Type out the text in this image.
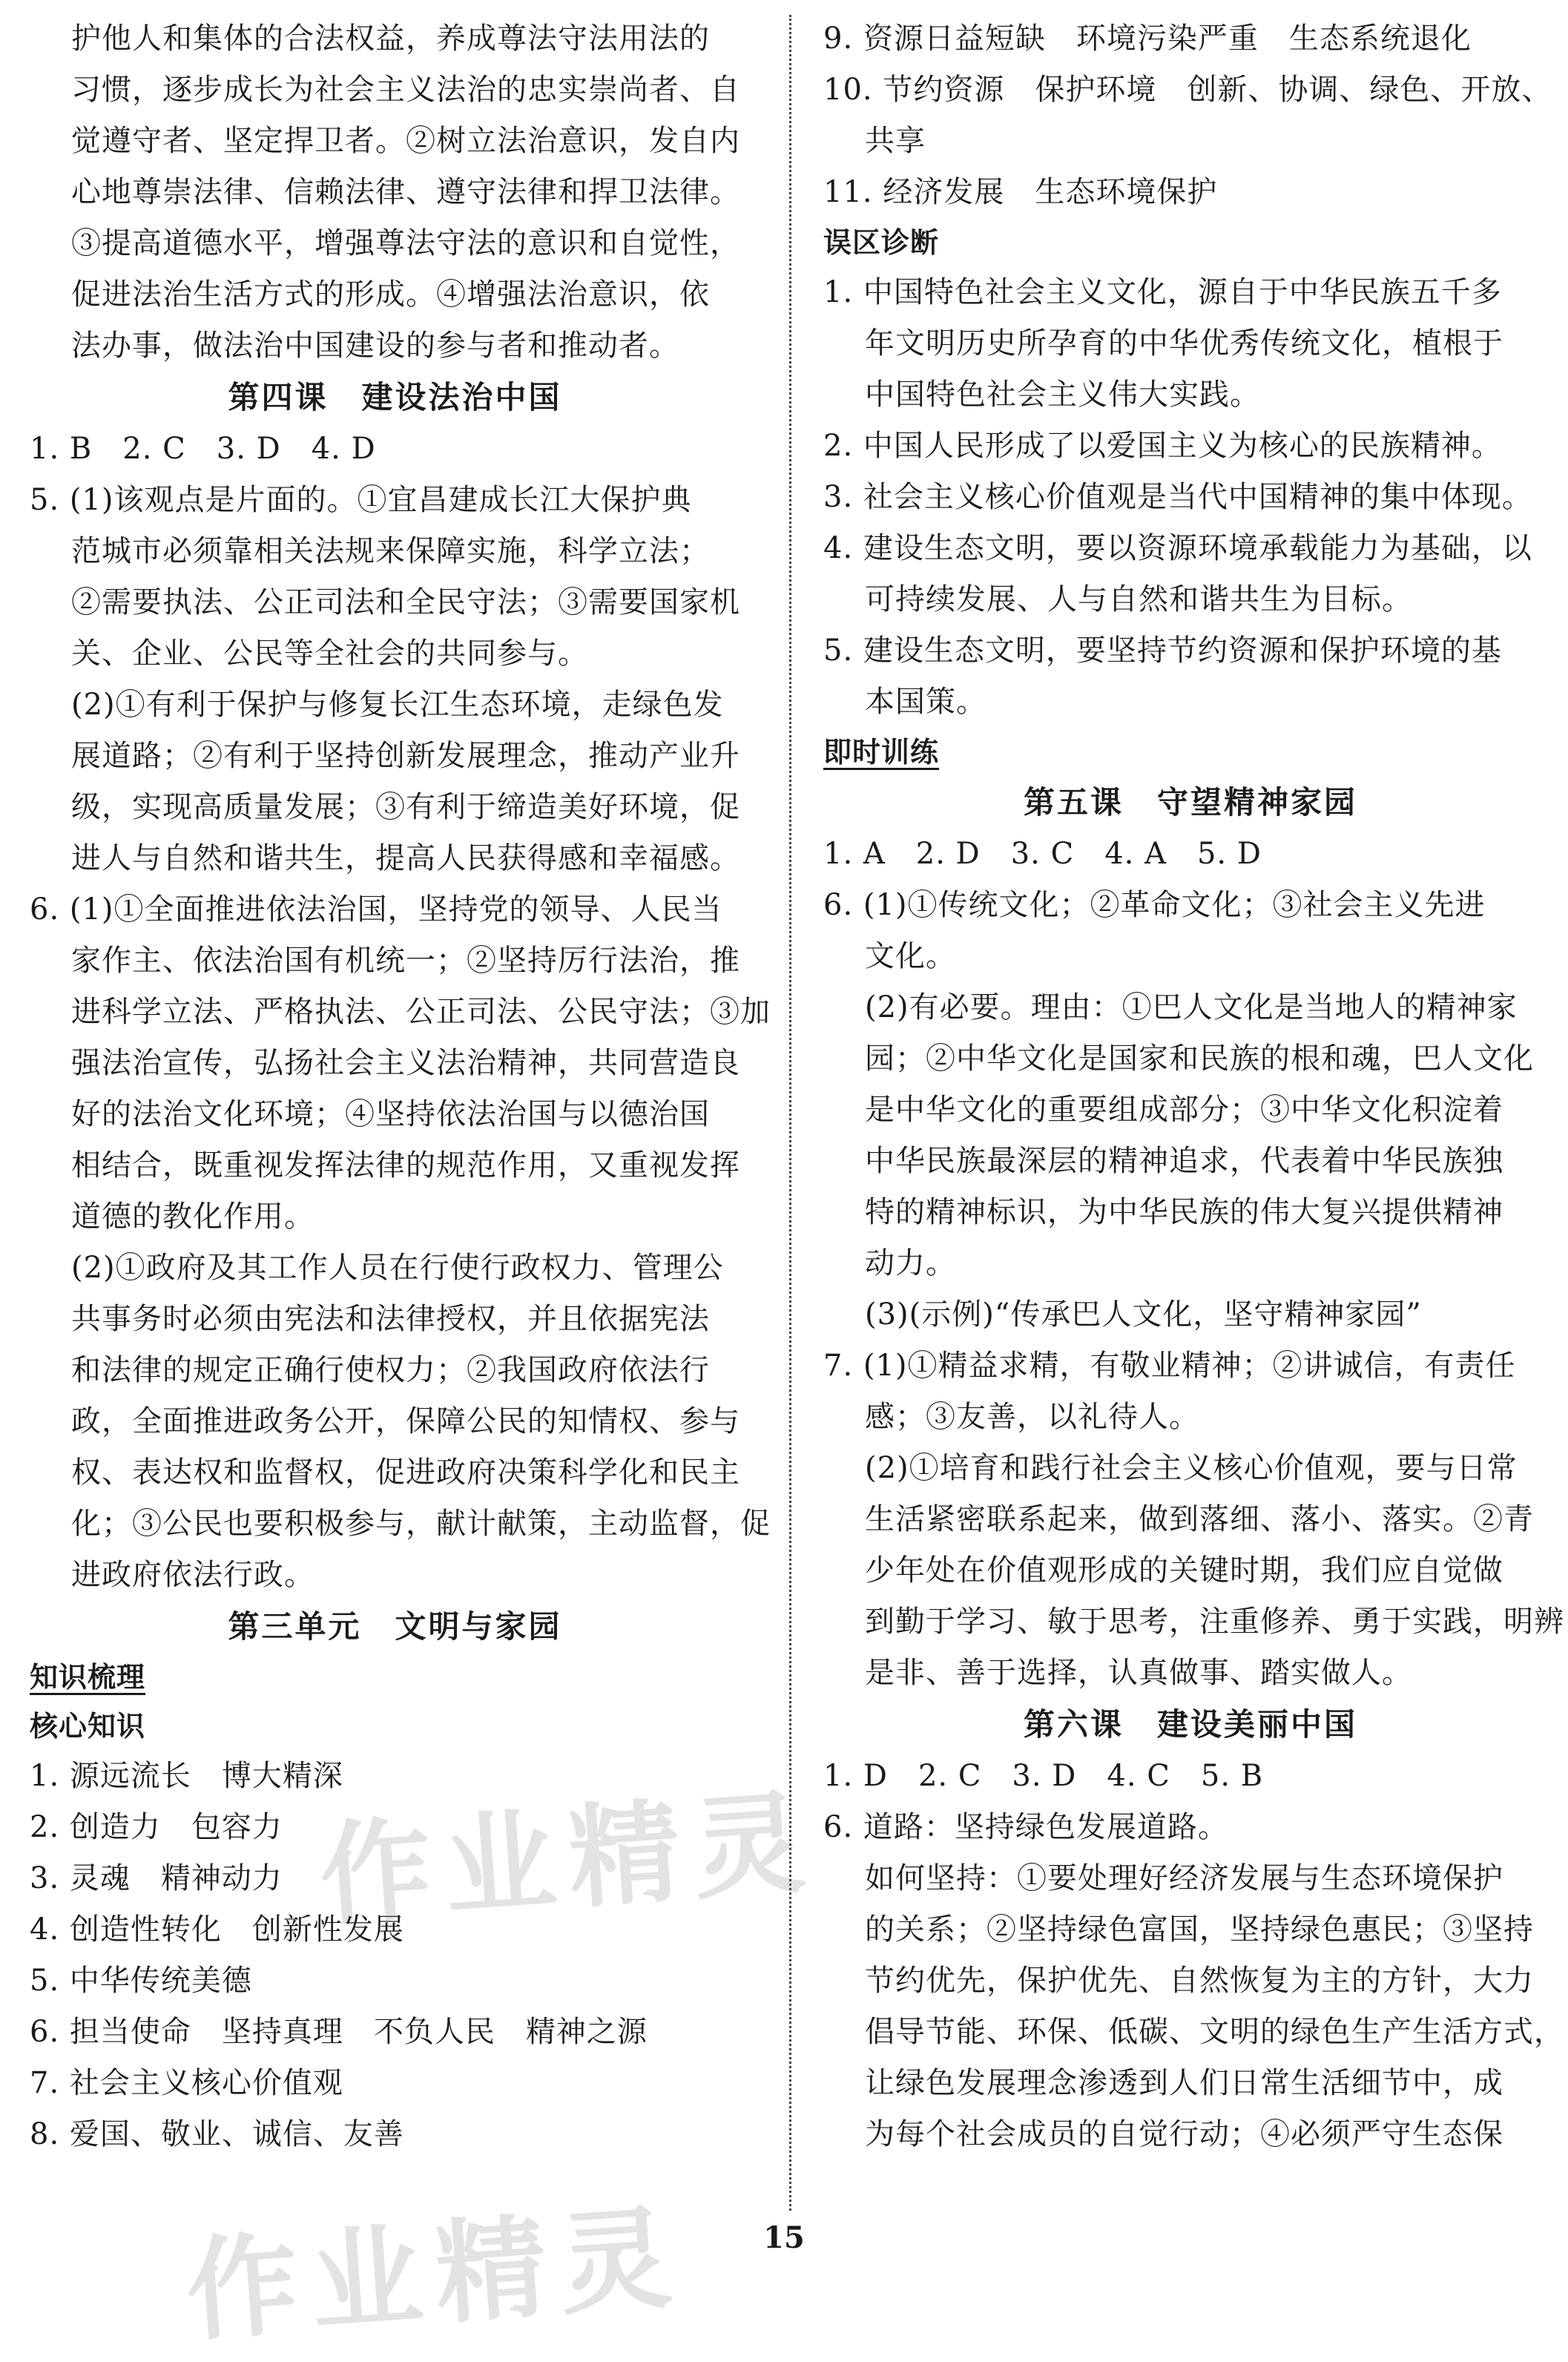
护他人和集体的合法权益，养成尊法守法用法的
习惯，逐步成长为社会主义法治的忠实崇尚者、自
觉遵守者、坚定捍卫者。②树立法治意识，发自内
心地尊崇法律、信赖法律、遵守法律和捍卫法律。
③提高道德水平，增强尊法守法的意识和自觉性，
促进法治生活方式的形成。④增强法治意识，依
法办事，做法治中国建设的参与者和推动者。
第四课　建设法治中国
1. B　2. C　3. D　4. D
5. (1)该观点是片面的。①宜昌建成长江大保护典
范城市必须靠相关法规来保障实施，科学立法；
②需要执法、公正司法和全民守法；③需要国家机
关、企业、公民等全社会的共同参与。
(2)①有利于保护与修复长江生态环境，走绿色发
展道路；②有利于坚持创新发展理念，推动产业升
级，实现高质量发展；③有利于缔造美好环境，促
进人与自然和谐共生，提高人民获得感和幸福感。
6. (1)①全面推进依法治国，坚持党的领导、人民当
家作主、依法治国有机统一；②坚持厉行法治，推
进科学立法、严格执法、公正司法、公民守法；③加
强法治宣传，弘扬社会主义法治精神，共同营造良
好的法治文化环境；④坚持依法治国与以德治国
相结合，既重视发挥法律的规范作用，又重视发挥
道德的教化作用。
(2)①政府及其工作人员在行使行政权力、管理公
共事务时必须由宪法和法律授权，并且依据宪法
和法律的规定正确行使权力；②我国政府依法行
政，全面推进政务公开，保障公民的知情权、参与
权、表达权和监督权，促进政府决策科学化和民主
化；③公民也要积极参与，献计献策，主动监督，促
进政府依法行政。
第三单元　文明与家园
知识梳理
核心知识
1. 源远流长　博大精深
2. 创造力　包容力
3. 灵魂　精神动力
4. 创造性转化　创新性发展
5. 中华传统美德
6. 担当使命　坚持真理　不负人民　精神之源
7. 社会主义核心价值观
8. 爱国、敬业、诚信、友善
9. 资源日益短缺　环境污染严重　生态系统退化
10. 节约资源　保护环境　创新、协调、绿色、开放、
共享
11. 经济发展　生态环境保护
误区诊断
1. 中国特色社会主义文化，源自于中华民族五千多
年文明历史所孕育的中华优秀传统文化，植根于
中国特色社会主义伟大实践。
2. 中国人民形成了以爱国主义为核心的民族精神。
3. 社会主义核心价值观是当代中国精神的集中体现。
4. 建设生态文明，要以资源环境承载能力为基础，以
可持续发展、人与自然和谐共生为目标。
5. 建设生态文明，要坚持节约资源和保护环境的基
本国策。
即时训练
第五课　守望精神家园
1. A　2. D　3. C　4. A　5. D
6. (1)①传统文化；②革命文化；③社会主义先进
文化。
(2)有必要。理由：①巴人文化是当地人的精神家
园；②中华文化是国家和民族的根和魂，巴人文化
是中华文化的重要组成部分；③中华文化积淀着
中华民族最深层的精神追求，代表着中华民族独
特的精神标识，为中华民族的伟大复兴提供精神
动力。
(3)(示例)“传承巴人文化，坚守精神家园”
7. (1)①精益求精，有敬业精神；②讲诚信，有责任
感；③友善，以礼待人。
(2)①培育和践行社会主义核心价值观，要与日常
生活紧密联系起来，做到落细、落小、落实。②青
少年处在价值观形成的关键时期，我们应自觉做
到勤于学习、敏于思考，注重修养、勇于实践，明辨
是非、善于选择，认真做事、踏实做人。
第六课　建设美丽中国
1. D　2. C　3. D　4. C　5. B
6. 道路：坚持绿色发展道路。
如何坚持：①要处理好经济发展与生态环境保护
的关系；②坚持绿色富国，坚持绿色惠民；③坚持
节约优先，保护优先、自然恢复为主的方针，大力
倡导节能、环保、低碳、文明的绿色生产生活方式，
让绿色发展理念渗透到人们日常生活细节中，成
为每个社会成员的自觉行动；④必须严守生态保
作业精灵
作业精灵	15
